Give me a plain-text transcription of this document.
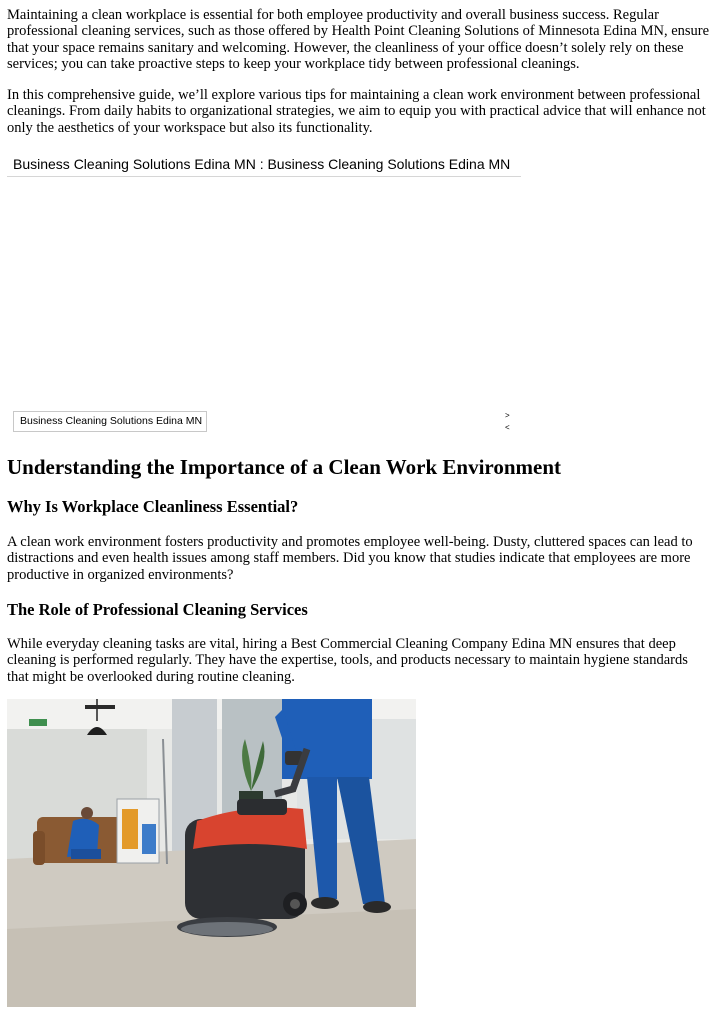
Maintaining a clean workplace is essential for both employee productivity and overall business success. Regular professional cleaning services, such as those offered by Health Point Cleaning Solutions of Minnesota Edina MN, ensure that your space remains sanitary and welcoming. However, the cleanliness of your office doesn’t solely rely on these services; you can take proactive steps to keep your workplace tidy between professional cleanings.

In this comprehensive guide, we’ll explore various tips for maintaining a clean work environment between professional cleanings. From daily habits to organizational strategies, we aim to equip you with practical advice that will enhance not only the aesthetics of your workspace but also its functionality.

Business Cleaning Solutions Edina MN : Business Cleaning Solutions Edina MN
Business Cleaning Solutions Edina MN	>
<
Understanding the Importance of a Clean Work Environment
Why Is Workplace Cleanliness Essential?

A clean work environment fosters productivity and promotes employee well-being. Dusty, cluttered spaces can lead to distractions and even health issues among staff members. Did you know that studies indicate that employees are more productive in organized environments?

The Role of Professional Cleaning Services

While everyday cleaning tasks are vital, hiring a Best Commercial Cleaning Company Edina MN ensures that deep cleaning is performed regularly. They have the expertise, tools, and products necessary to maintain hygiene standards that might be overlooked during routine cleaning.
